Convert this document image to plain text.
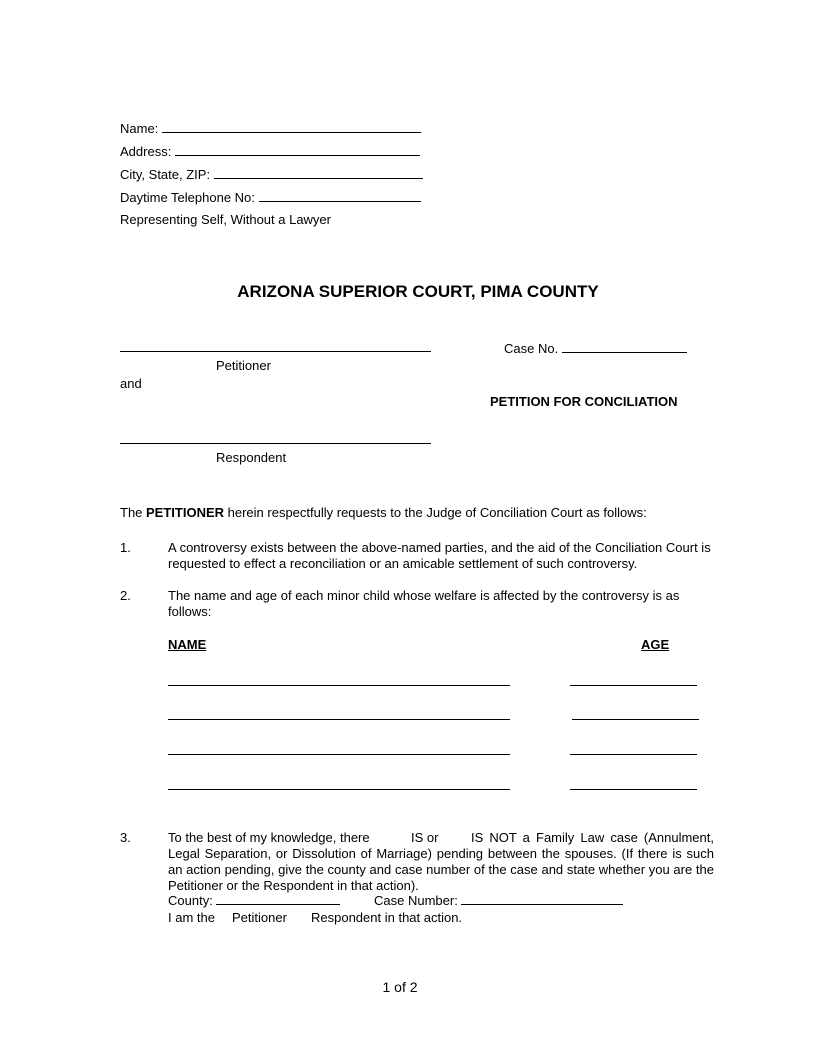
Name:
Address:
City, State, ZIP:
Daytime Telephone No:
Representing Self, Without a Lawyer
ARIZONA SUPERIOR COURT, PIMA COUNTY
Petitioner
and
Case No.
PETITION FOR CONCILIATION
Respondent
The PETITIONER herein respectfully requests to the Judge of Conciliation Court as follows:
1.	A controversy exists between the above-named parties, and the aid of the Conciliation Court is requested to effect a reconciliation or an amicable settlement of such controversy.
2.	The name and age of each minor child whose welfare is affected by the controversy is as follows:
NAME	AGE
3.	To the best of my knowledge, there	IS or	IS NOT a Family Law case (Annulment,
Legal Separation, or Dissolution of Marriage) pending between the spouses. (If there is such an action pending, give the county and case number of the case and state whether you are the Petitioner or the Respondent in that action).
County:	Case Number:
I am the Petitioner Respondent in that action.
1 of 2
